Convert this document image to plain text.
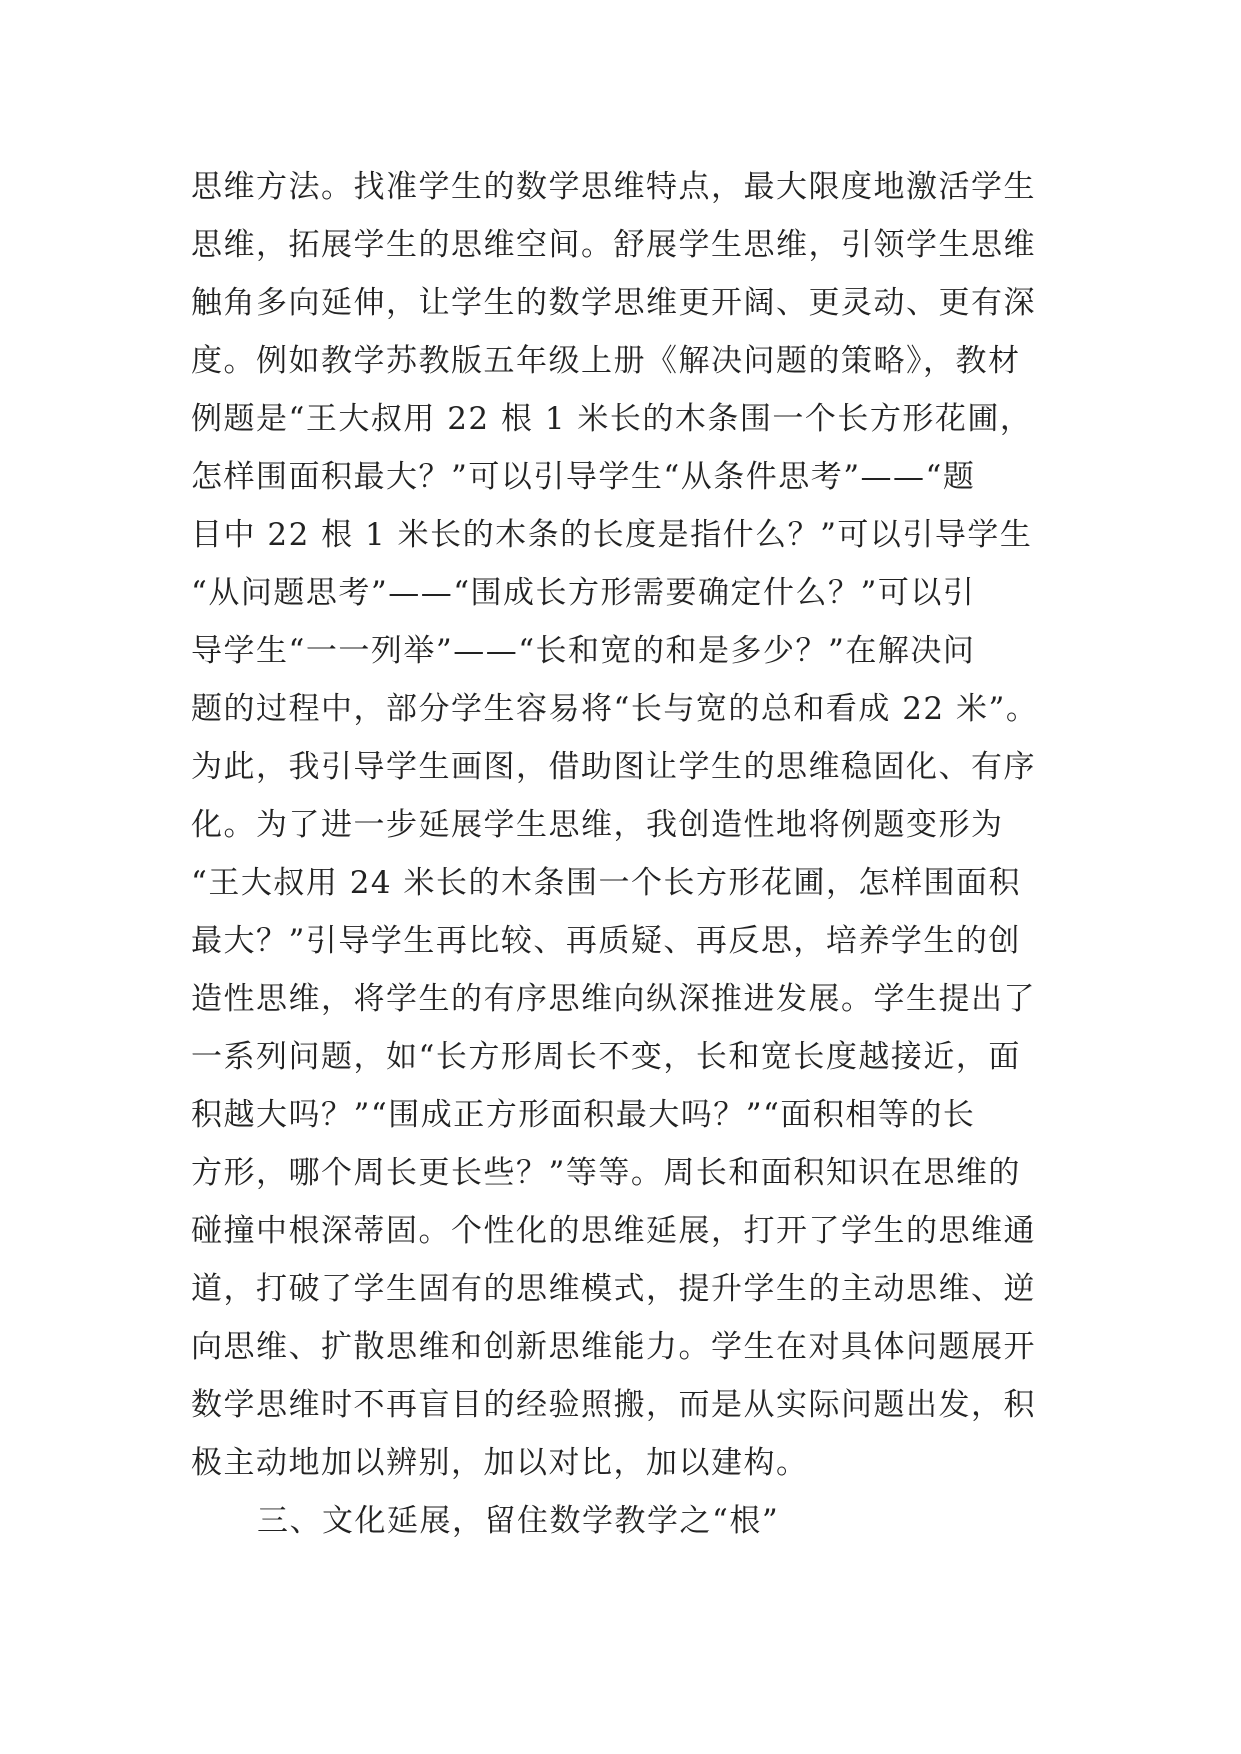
思维方法。找准学生的数学思维特点，最大限度地激活学生
思维，拓展学生的思维空间。舒展学生思维，引领学生思维
触角多向延伸，让学生的数学思维更开阔、更灵动、更有深
度。例如教学苏教版五年级上册《解决问题的策略》，教材
例题是“王大叔用 22 根 1 米长的木条围一个长方形花圃，
怎样围面积最大？”可以引导学生“从条件思考”——“题
目中 22 根 1 米长的木条的长度是指什么？”可以引导学生
“从问题思考”——“围成长方形需要确定什么？”可以引
导学生“一一列举”——“长和宽的和是多少？”在解决问
题的过程中，部分学生容易将“长与宽的总和看成 22 米”。
为此，我引导学生画图，借助图让学生的思维稳固化、有序
化。为了进一步延展学生思维，我创造性地将例题变形为
“王大叔用 24 米长的木条围一个长方形花圃，怎样围面积
最大？”引导学生再比较、再质疑、再反思，培养学生的创
造性思维，将学生的有序思维向纵深推进发展。学生提出了
一系列问题，如“长方形周长不变，长和宽长度越接近，面
积越大吗？”“围成正方形面积最大吗？”“面积相等的长
方形，哪个周长更长些？”等等。周长和面积知识在思维的
碰撞中根深蒂固。个性化的思维延展，打开了学生的思维通
道，打破了学生固有的思维模式，提升学生的主动思维、逆
向思维、扩散思维和创新思维能力。学生在对具体问题展开
数学思维时不再盲目的经验照搬，而是从实际问题出发，积
极主动地加以辨别，加以对比，加以建构。
三、文化延展，留住数学教学之“根”
